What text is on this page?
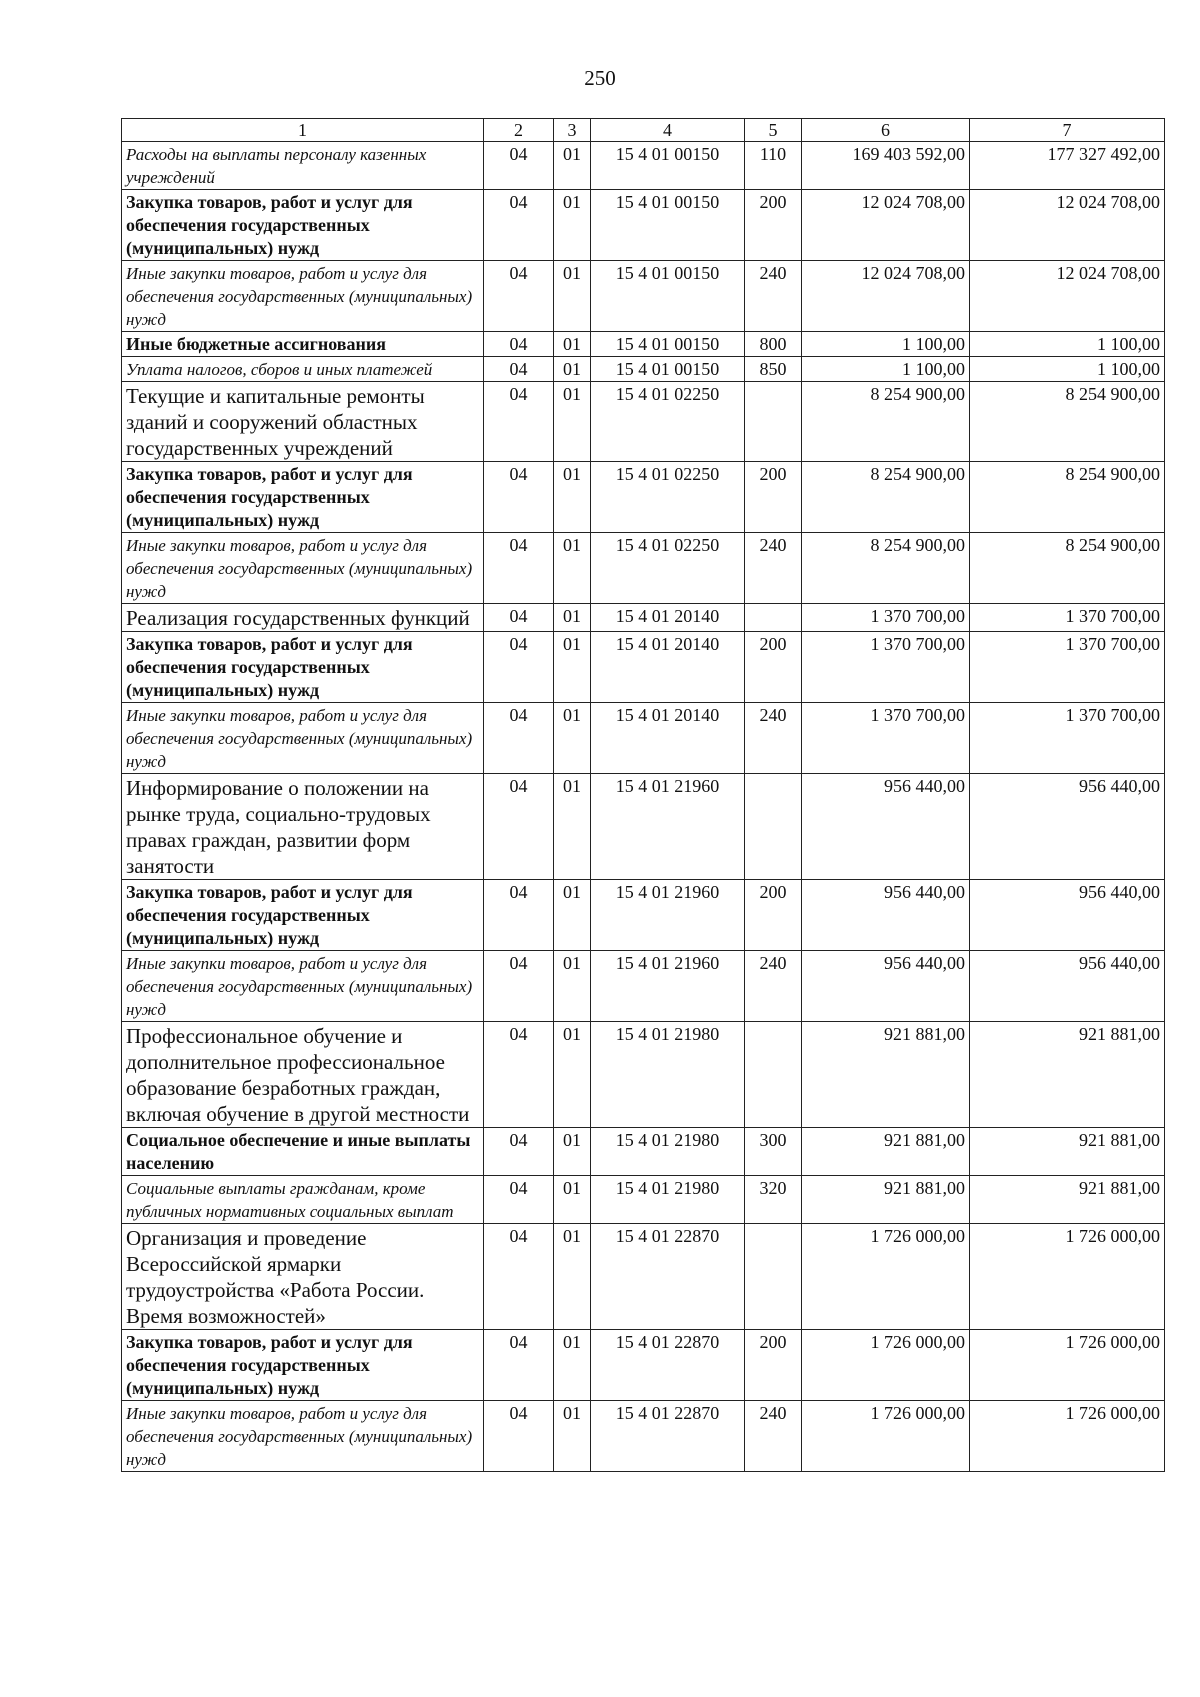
250
1	2	3	4	5	6	7
Расходы на выплаты персоналу казенных учреждений	04	01	15 4 01 00150	110	169 403 592,00	177 327 492,00
Закупка товаров, работ и услуг для обеспечения государственных (муниципальных) нужд	04	01	15 4 01 00150	200	12 024 708,00	12 024 708,00
Иные закупки товаров, работ и услуг для обеспечения государственных (муниципальных) нужд	04	01	15 4 01 00150	240	12 024 708,00	12 024 708,00
Иные бюджетные ассигнования	04	01	15 4 01 00150	800	1 100,00	1 100,00
Уплата налогов, сборов и иных платежей	04	01	15 4 01 00150	850	1 100,00	1 100,00
Текущие и капитальные ремонты зданий и сооружений областных государственных учреждений	04	01	15 4 01 02250		8 254 900,00	8 254 900,00
Закупка товаров, работ и услуг для обеспечения государственных (муниципальных) нужд	04	01	15 4 01 02250	200	8 254 900,00	8 254 900,00
Иные закупки товаров, работ и услуг для обеспечения государственных (муниципальных) нужд	04	01	15 4 01 02250	240	8 254 900,00	8 254 900,00
Реализация государственных функций	04	01	15 4 01 20140		1 370 700,00	1 370 700,00
Закупка товаров, работ и услуг для обеспечения государственных (муниципальных) нужд	04	01	15 4 01 20140	200	1 370 700,00	1 370 700,00
Иные закупки товаров, работ и услуг для обеспечения государственных (муниципальных) нужд	04	01	15 4 01 20140	240	1 370 700,00	1 370 700,00
Информирование о положении на рынке труда, социально-трудовых правах граждан, развитии форм занятости	04	01	15 4 01 21960		956 440,00	956 440,00
Закупка товаров, работ и услуг для обеспечения государственных (муниципальных) нужд	04	01	15 4 01 21960	200	956 440,00	956 440,00
Иные закупки товаров, работ и услуг для обеспечения государственных (муниципальных) нужд	04	01	15 4 01 21960	240	956 440,00	956 440,00
Профессиональное обучение и дополнительное профессиональное образование безработных граждан, включая обучение в другой местности	04	01	15 4 01 21980		921 881,00	921 881,00
Социальное обеспечение и иные выплаты населению	04	01	15 4 01 21980	300	921 881,00	921 881,00
Социальные выплаты гражданам, кроме публичных нормативных социальных выплат	04	01	15 4 01 21980	320	921 881,00	921 881,00
Организация и проведение Всероссийской ярмарки трудоустройства «Работа России. Время возможностей»	04	01	15 4 01 22870		1 726 000,00	1 726 000,00
Закупка товаров, работ и услуг для обеспечения государственных (муниципальных) нужд	04	01	15 4 01 22870	200	1 726 000,00	1 726 000,00
Иные закупки товаров, работ и услуг для обеспечения государственных (муниципальных) нужд	04	01	15 4 01 22870	240	1 726 000,00	1 726 000,00
